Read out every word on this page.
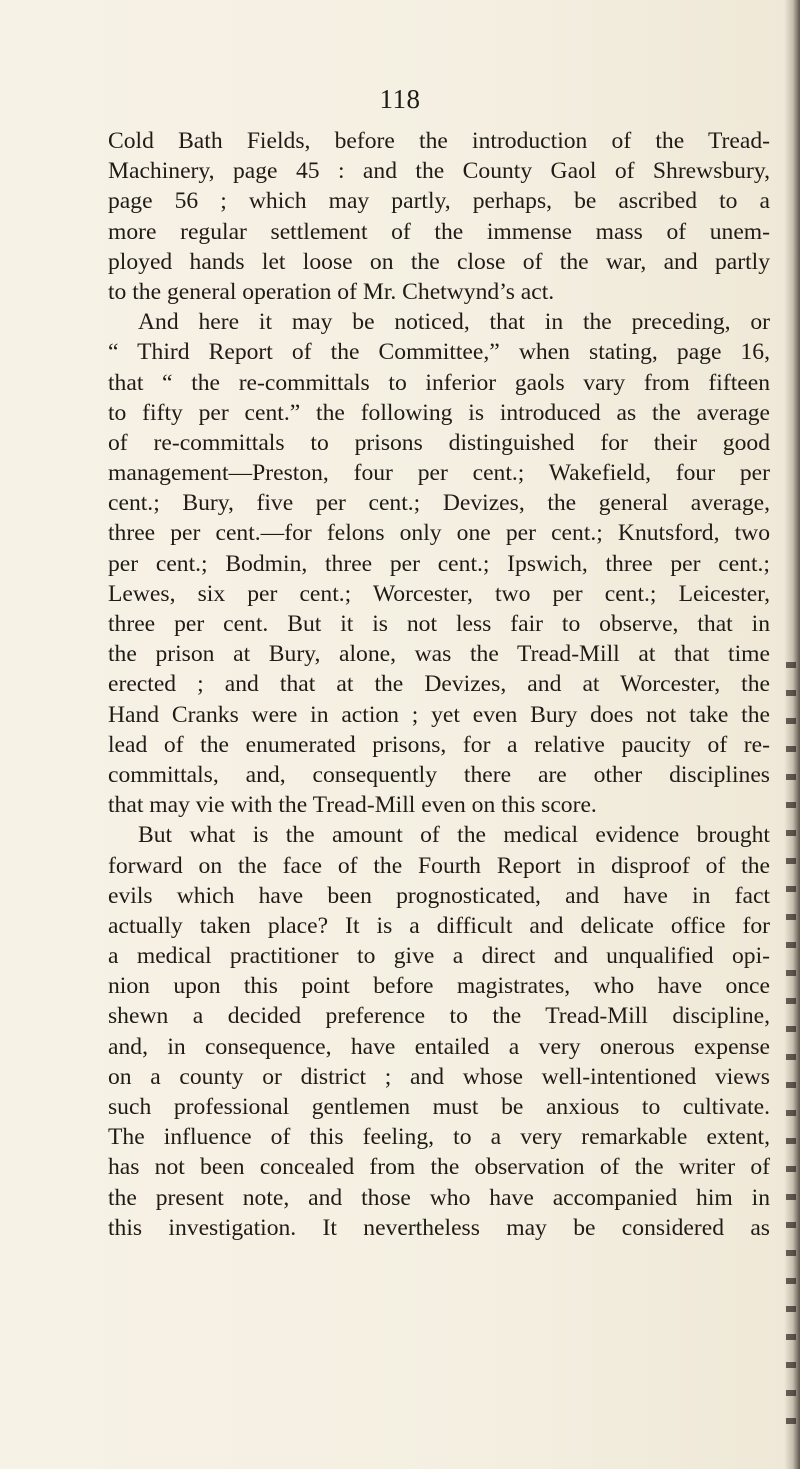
118
Cold Bath Fields, before the introduction of the Tread-
Machinery, page 45 : and the County Gaol of Shrewsbury,
page 56 ; which may partly, perhaps, be ascribed to a
more regular settlement of the immense mass of unem-
ployed hands let loose on the close of the war, and partly
to the general operation of Mr. Chetwynd’s act.
And here it may be noticed, that in the preceding, or
“ Third Report of the Committee,” when stating, page 16,
that “ the re-committals to inferior gaols vary from fifteen
to fifty per cent.” the following is introduced as the average
of re-committals to prisons distinguished for their good
management—Preston, four per cent.; Wakefield, four per
cent.; Bury, five per cent.; Devizes, the general average,
three per cent.—for felons only one per cent.; Knutsford, two
per cent.; Bodmin, three per cent.; Ipswich, three per cent.;
Lewes, six per cent.; Worcester, two per cent.; Leicester,
three per cent. But it is not less fair to observe, that in
the prison at Bury, alone, was the Tread-Mill at that time
erected ; and that at the Devizes, and at Worcester, the
Hand Cranks were in action ; yet even Bury does not take the
lead of the enumerated prisons, for a relative paucity of re-
committals, and, consequently there are other disciplines
that may vie with the Tread-Mill even on this score.
But what is the amount of the medical evidence brought
forward on the face of the Fourth Report in disproof of the
evils which have been prognosticated, and have in fact
actually taken place? It is a difficult and delicate office for
a medical practitioner to give a direct and unqualified opi-
nion upon this point before magistrates, who have once
shewn a decided preference to the Tread-Mill discipline,
and, in consequence, have entailed a very onerous expense
on a county or district ; and whose well-intentioned views
such professional gentlemen must be anxious to cultivate.
The influence of this feeling, to a very remarkable extent,
has not been concealed from the observation of the writer of
the present note, and those who have accompanied him in
this investigation. It nevertheless may be considered as
